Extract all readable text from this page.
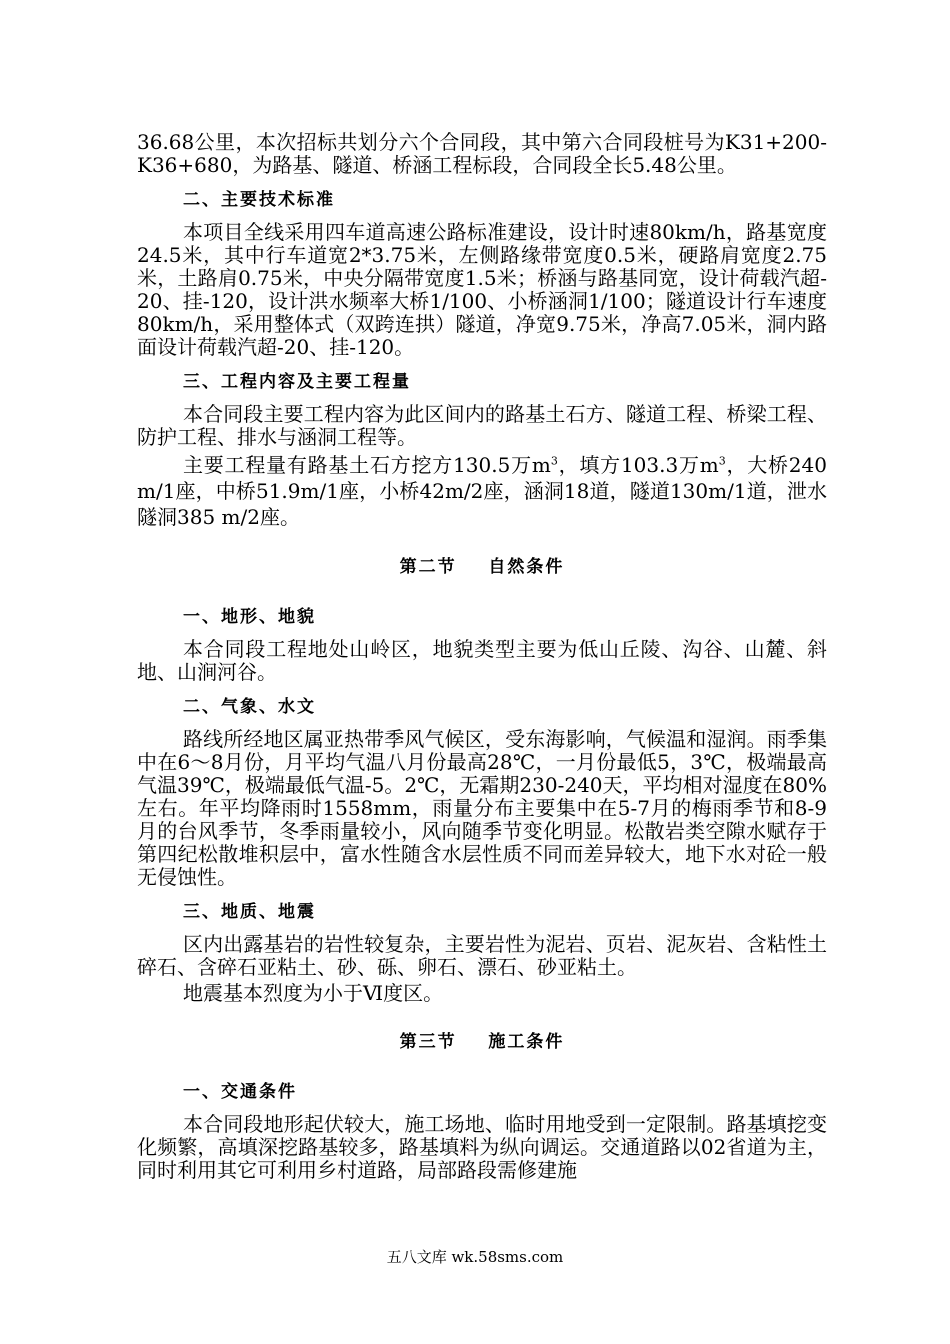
36.68公里，本次招标共划分六个合同段，其中第六合同段桩号为K31+200-K36+680，为路基、隧道、桥涵工程标段，合同段全长5.48公里。

二、主要技术标准

本项目全线采用四车道高速公路标准建设，设计时速80km/h，路基宽度24.5米，其中行车道宽2*3.75米，左侧路缘带宽度0.5米，硬路肩宽度2.75米，土路肩0.75米，中央分隔带宽度1.5米；桥涵与路基同宽，设计荷载汽超-20、挂-120，设计洪水频率大桥1/100、小桥涵洞1/100；隧道设计行车速度80km/h，采用整体式（双跨连拱）隧道，净宽9.75米，净高7.05米，洞内路面设计荷载汽超-20、挂-120。

三、工程内容及主要工程量

本合同段主要工程内容为此区间内的路基土石方、隧道工程、桥梁工程、防护工程、排水与涵洞工程等。

主要工程量有路基土石方挖方130.5万$m^3$，填方103.3万$m^3$，大桥240m/1座，中桥51.9m/1座，小桥42m/2座，涵洞18道，隧道130m/1道，泄水隧洞385 m/2座。

第二节    自然条件
一、地形、地貌

本合同段工程地处山岭区，地貌类型主要为低山丘陵、沟谷、山麓、斜地、山涧河谷。

二、气象、水文

路线所经地区属亚热带季风气候区，受东海影响，气候温和湿润。雨季集中在6～8月份，月平均气温八月份最高28℃，一月份最低5，3℃，极端最高气温39℃，极端最低气温-5。2℃，无霜期230-240天，平均相对湿度在80%左右。年平均降雨时1558mm，雨量分布主要集中在5-7月的梅雨季节和8-9月的台风季节，冬季雨量较小，风向随季节变化明显。松散岩类空隙水赋存于第四纪松散堆积层中，富水性随含水层性质不同而差异较大，地下水对砼一般无侵蚀性。

三、地质、地震

区内出露基岩的岩性较复杂，主要岩性为泥岩、页岩、泥灰岩、含粘性土碎石、含碎石亚粘土、砂、砾、卵石、漂石、砂亚粘土。

地震基本烈度为小于Ⅵ度区。

第三节    施工条件
一、交通条件

本合同段地形起伏较大，施工场地、临时用地受到一定限制。路基填挖变化频繁，高填深挖路基较多，路基填料为纵向调运。交通道路以02省道为主，同时利用其它可利用乡村道路，局部路段需修建施

五八文库 wk.58sms.com
